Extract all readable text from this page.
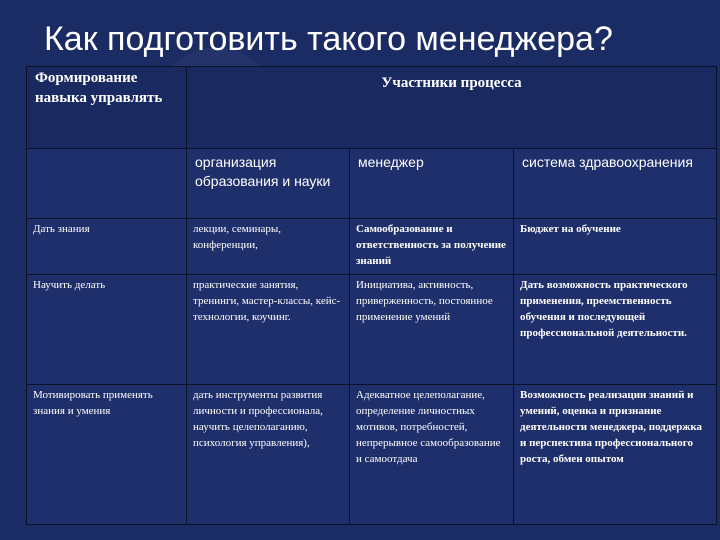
Как подготовить такого менеджера?
Формирование навыка управлять	Участники процесса		
	организация образования и науки	менеджер	система здравоохранения
Дать знания	лекции, семинары, конференции,	Самообразование и ответственность за получение знаний	Бюджет на обучение
Научить делать	практические занятия, тренинги, мастер-классы, кейс-технологии, коучинг.	Инициатива, активность, приверженность, постоянное применение умений	Дать возможность практического применения, преемственность обучения и последующей профессиональной деятельности.
Мотивировать применять знания и умения	дать инструменты развития личности и профессионала, научить целеполаганию, психология управления),	Адекватное целеполагание, определение личностных мотивов, потребностей, непрерывное самообразование и самоотдача	Возможность реализации знаний и умений, оценка и признание деятельности менеджера, поддержка и перспектива профессионального роста, обмен опытом
